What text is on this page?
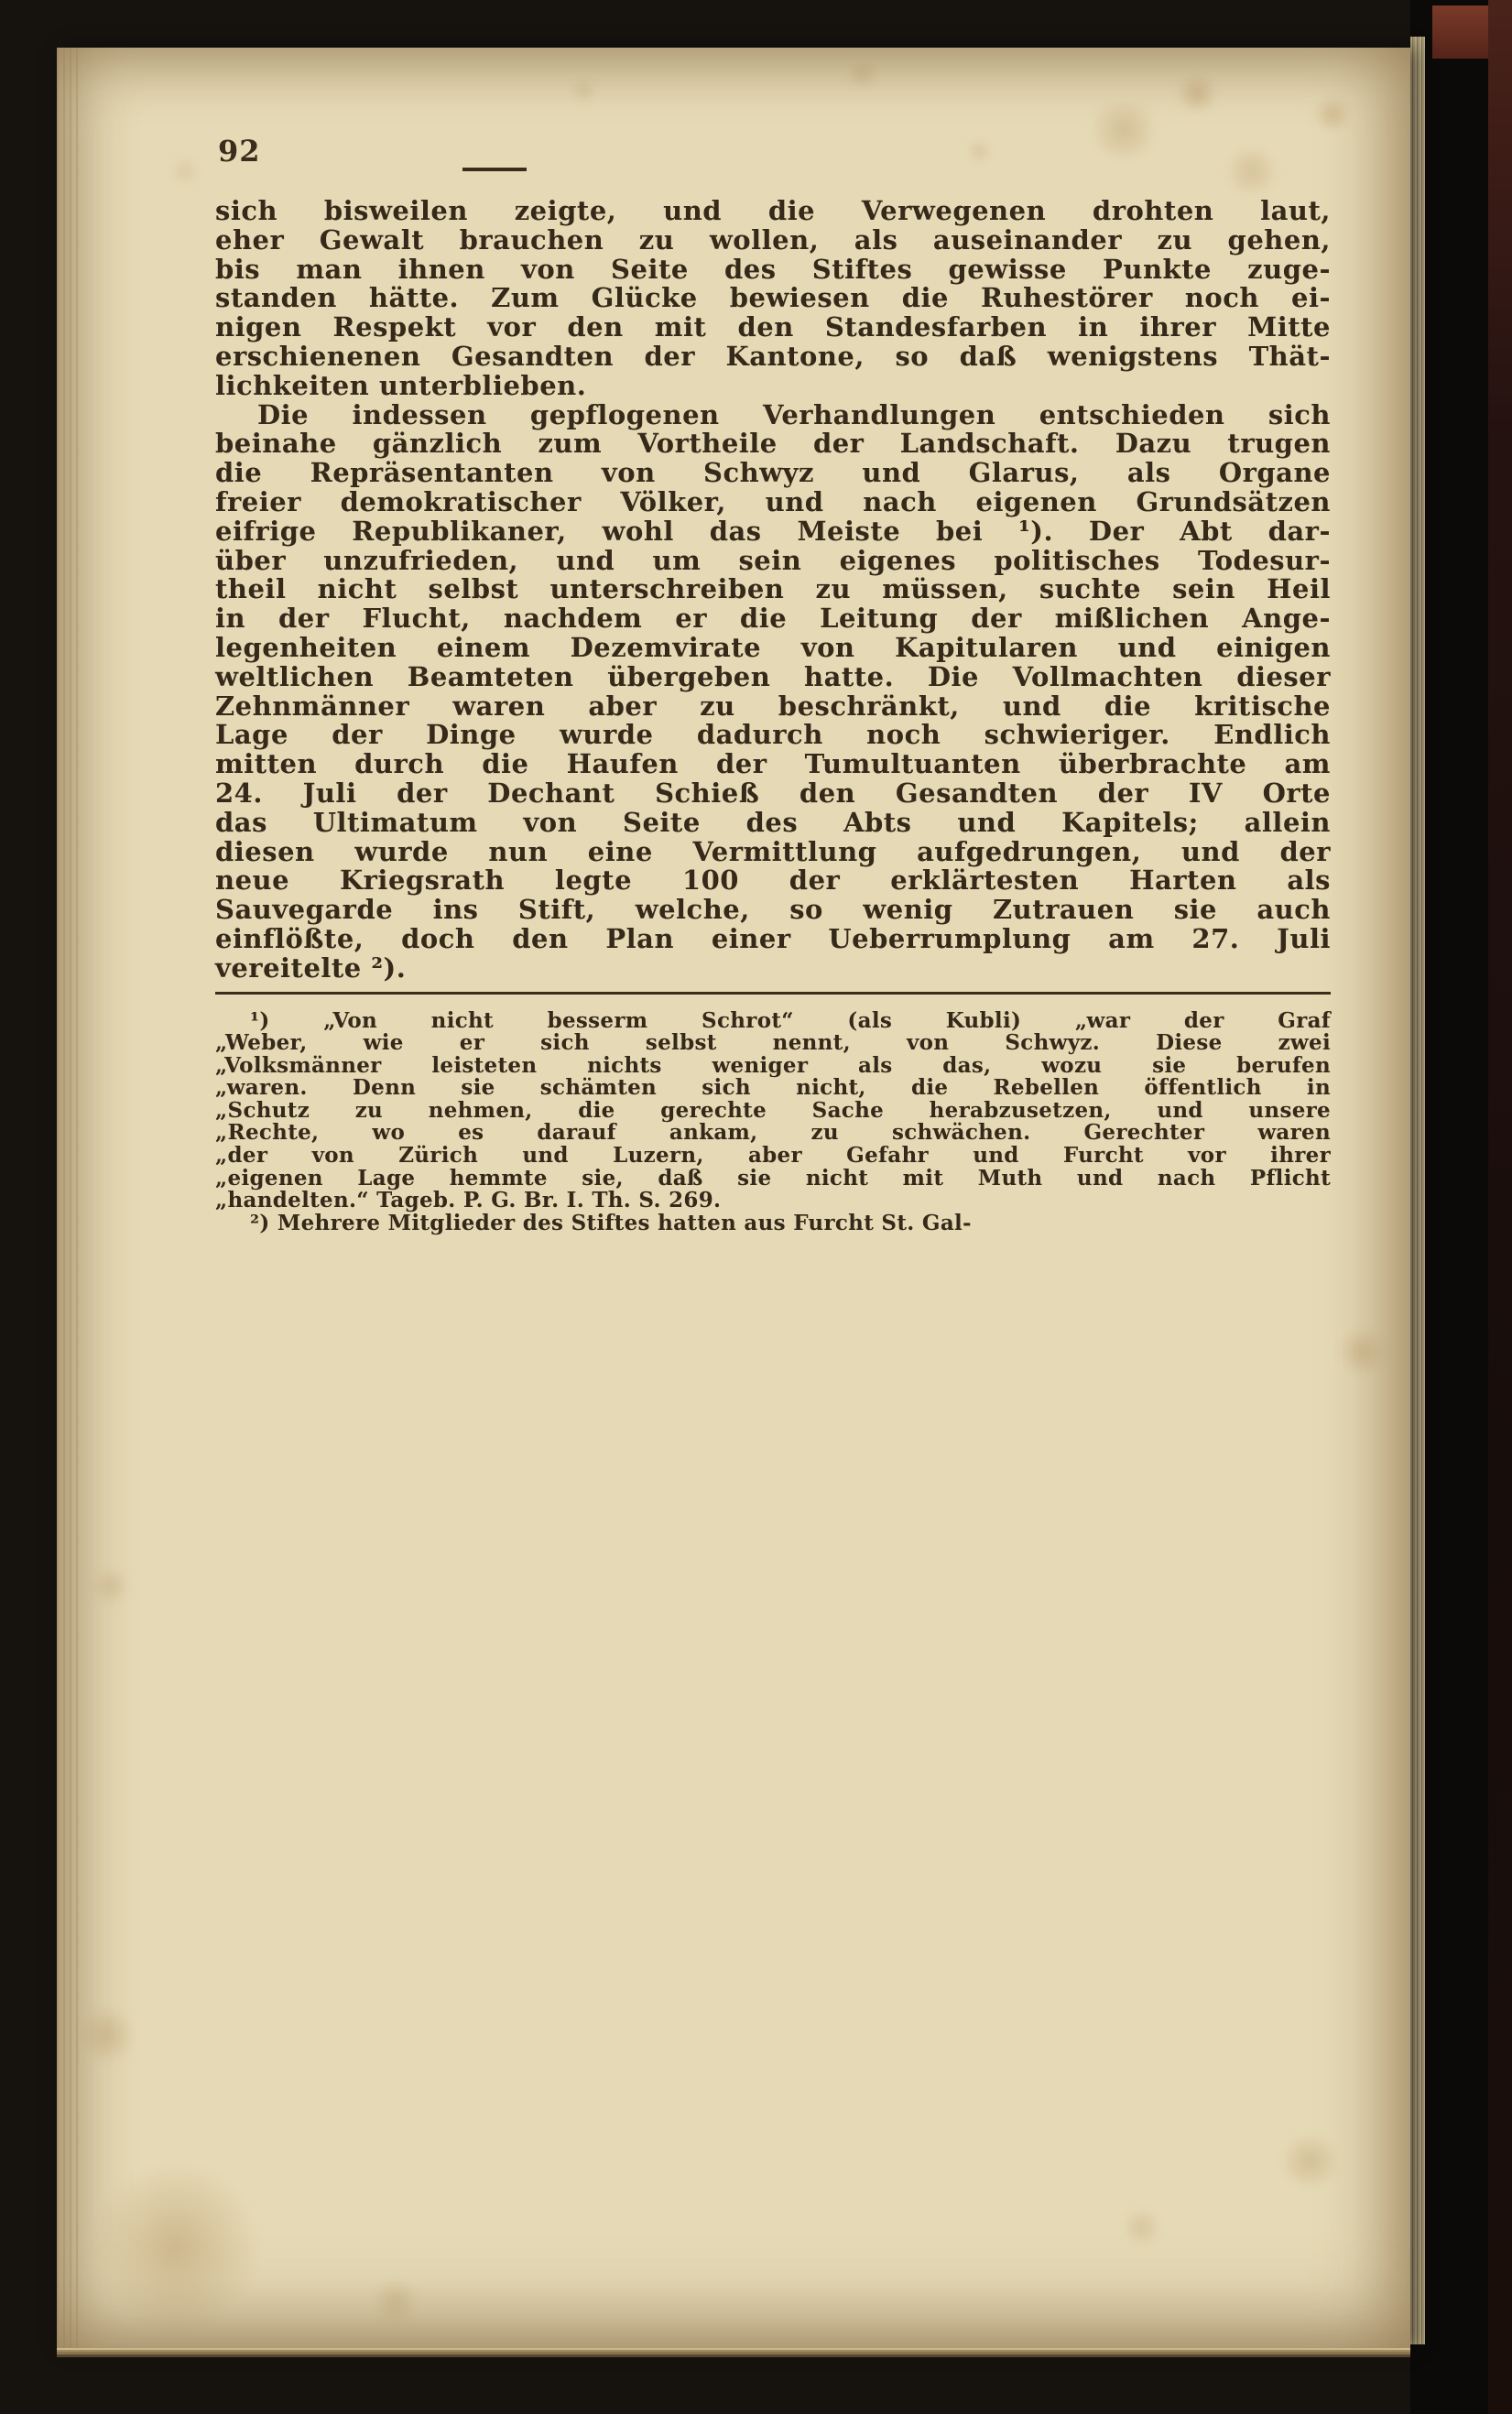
92
sich bisweilen zeigte, und die Verwegenen drohten laut,
eher Gewalt brauchen zu wollen, als auseinander zu gehen,
bis man ihnen von Seite des Stiftes gewisse Punkte zuge-
standen hätte. Zum Glücke bewiesen die Ruhestörer noch ei-
nigen Respekt vor den mit den Standesfarben in ihrer Mitte
erschienenen Gesandten der Kantone, so daß wenigstens Thät-
lichkeiten unterblieben.
Die indessen gepflogenen Verhandlungen entschieden sich
beinahe gänzlich zum Vortheile der Landschaft. Dazu trugen
die Repräsentanten von Schwyz und Glarus, als Organe
freier demokratischer Völker, und nach eigenen Grundsätzen
eifrige Republikaner, wohl das Meiste bei ¹). Der Abt dar-
über unzufrieden, und um sein eigenes politisches Todesur-
theil nicht selbst unterschreiben zu müssen, suchte sein Heil
in der Flucht, nachdem er die Leitung der mißlichen Ange-
legenheiten einem Dezemvirate von Kapitularen und einigen
weltlichen Beamteten übergeben hatte. Die Vollmachten dieser
Zehnmänner waren aber zu beschränkt, und die kritische
Lage der Dinge wurde dadurch noch schwieriger. Endlich
mitten durch die Haufen der Tumultuanten überbrachte am
24. Juli der Dechant Schieß den Gesandten der IV Orte
das Ultimatum von Seite des Abts und Kapitels; allein
diesen wurde nun eine Vermittlung aufgedrungen, und der
neue Kriegsrath legte 100 der erklärtesten Harten als
Sauvegarde ins Stift, welche, so wenig Zutrauen sie auch
einflößte, doch den Plan einer Ueberrumplung am 27. Juli
vereitelte ²).
¹) „Von nicht besserm Schrot“ (als Kubli) „war der Graf
„Weber, wie er sich selbst nennt, von Schwyz. Diese zwei
„Volksmänner leisteten nichts weniger als das, wozu sie berufen
„waren. Denn sie schämten sich nicht, die Rebellen öffentlich in
„Schutz zu nehmen, die gerechte Sache herabzusetzen, und unsere
„Rechte, wo es darauf ankam, zu schwächen. Gerechter waren
„der von Zürich und Luzern, aber Gefahr und Furcht vor ihrer
„eigenen Lage hemmte sie, daß sie nicht mit Muth und nach Pflicht
„handelten.“ Tageb. P. G. Br. I. Th. S. 269.
²) Mehrere Mitglieder des Stiftes hatten aus Furcht St. Gal-
